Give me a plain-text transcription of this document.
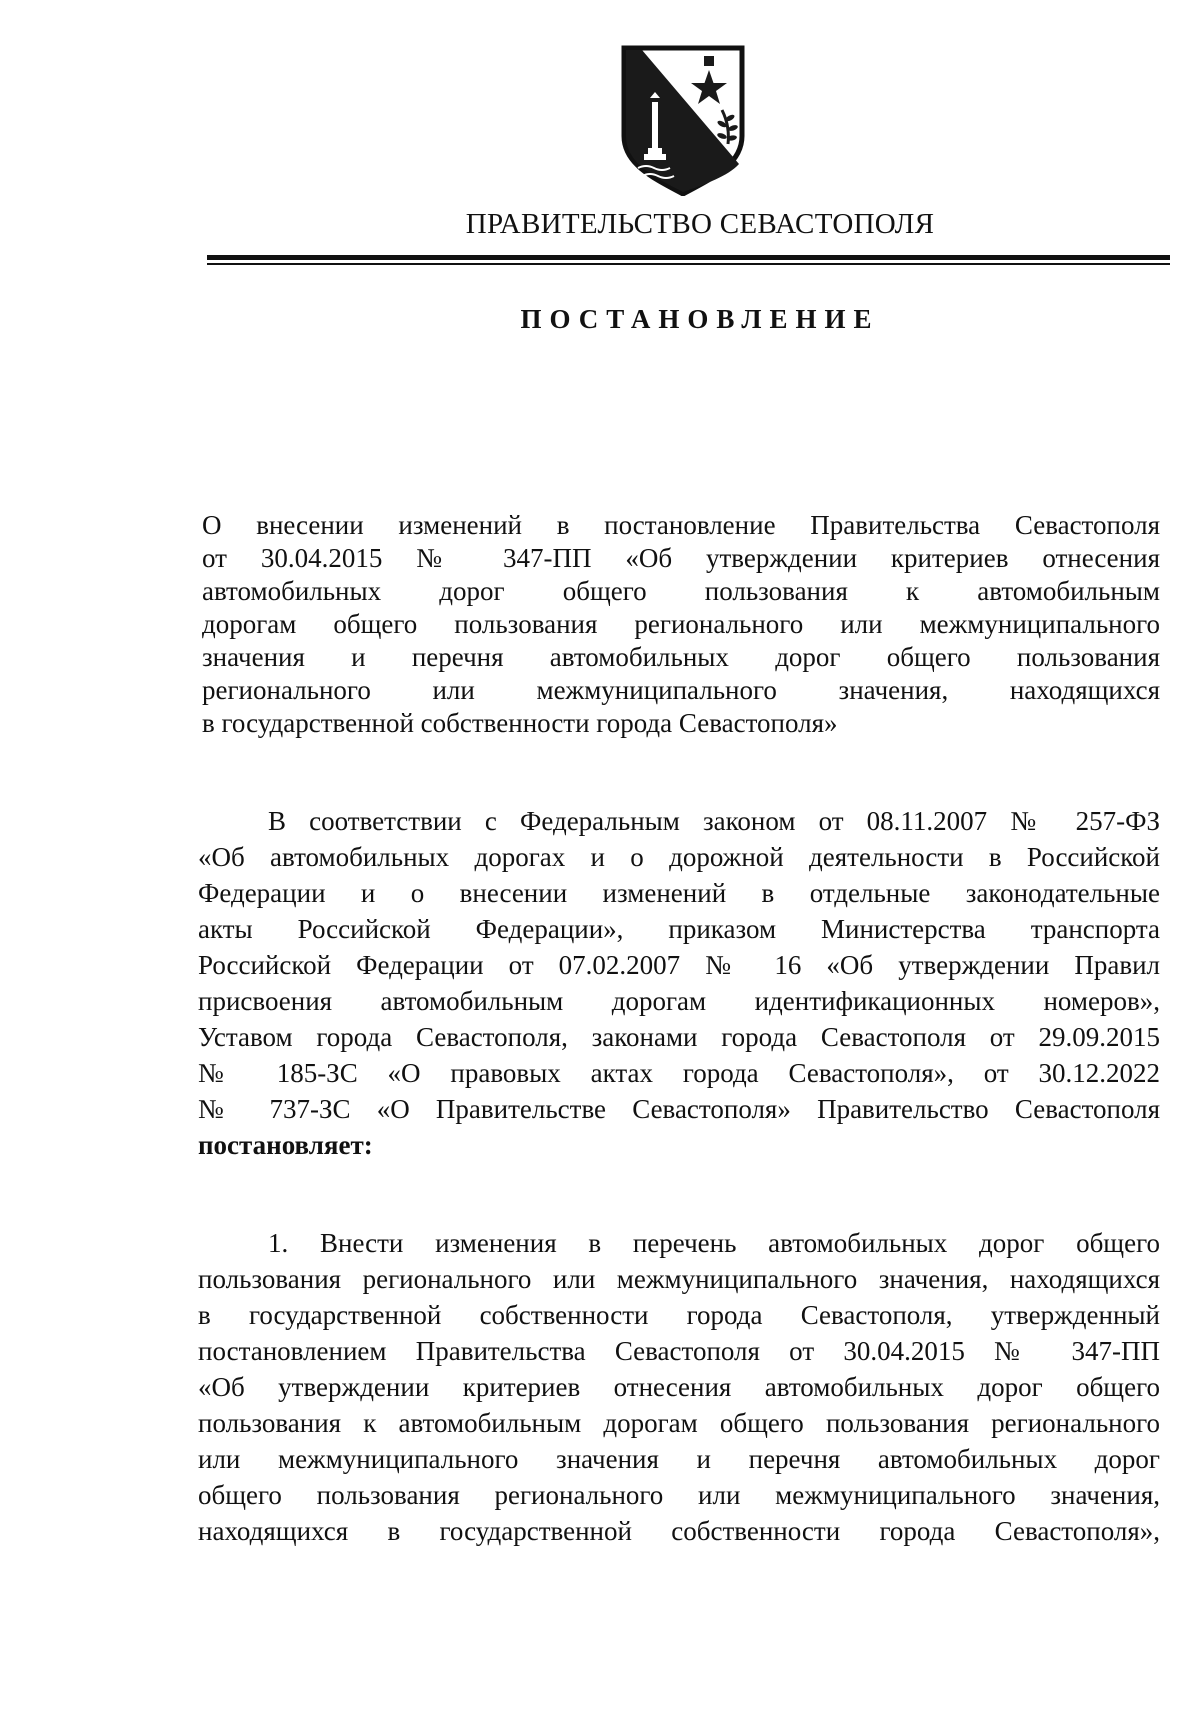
ПРАВИТЕЛЬСТВО СЕВАСТОПОЛЯ
ПОСТАНОВЛЕНИЕ
О внесении изменений в постановление Правительства Севастополя
от 30.04.2015 № 347-ПП «Об утверждении критериев отнесения
автомобильных дорог общего пользования к автомобильным
дорогам общего пользования регионального или межмуниципального
значения и перечня автомобильных дорог общего пользования
регионального или межмуниципального значения, находящихся
в государственной собственности города Севастополя»
В соответствии с Федеральным законом от 08.11.2007 № 257-ФЗ
«Об автомобильных дорогах и о дорожной деятельности в Российской
Федерации и о внесении изменений в отдельные законодательные
акты Российской Федерации», приказом Министерства транспорта
Российской Федерации от 07.02.2007 № 16 «Об утверждении Правил
присвоения автомобильным дорогам идентификационных номеров»,
Уставом города Севастополя, законами города Севастополя от 29.09.2015
№ 185-ЗС «О правовых актах города Севастополя», от 30.12.2022
№ 737-ЗС «О Правительстве Севастополя» Правительство Севастополя
постановляет:
1. Внести изменения в перечень автомобильных дорог общего
пользования регионального или межмуниципального значения, находящихся
в государственной собственности города Севастополя, утвержденный
постановлением Правительства Севастополя от 30.04.2015 № 347-ПП
«Об утверждении критериев отнесения автомобильных дорог общего
пользования к автомобильным дорогам общего пользования регионального
или межмуниципального значения и перечня автомобильных дорог
общего пользования регионального или межмуниципального значения,
находящихся в государственной собственности города Севастополя»,
